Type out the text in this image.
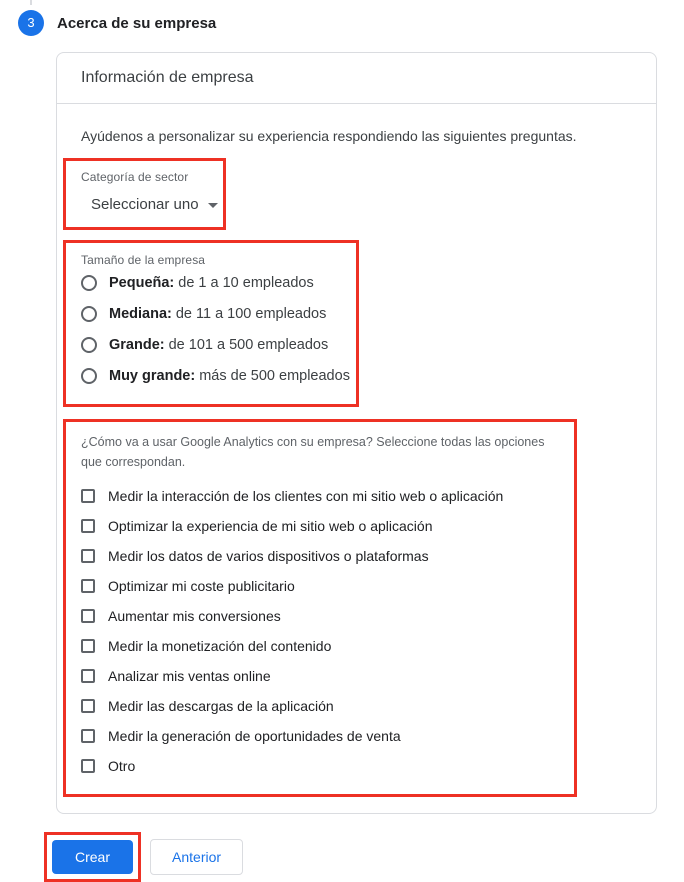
3	Acerca de su empresa
Información de empresa

Ayúdenos a personalizar su experiencia respondiendo las siguientes preguntas.

Categoría de sector
Seleccionar uno
Tamaño de la empresa
Pequeña: de 1 a 10 empleados
Mediana: de 11 a 100 empleados
Grande: de 101 a 500 empleados
Muy grande: más de 500 empleados

¿Cómo va a usar Google Analytics con su empresa? Seleccione todas las opciones que correspondan.

Medir la interacción de los clientes con mi sitio web o aplicación
Optimizar la experiencia de mi sitio web o aplicación
Medir los datos de varios dispositivos o plataformas
Optimizar mi coste publicitario
Aumentar mis conversiones
Medir la monetización del contenido
Analizar mis ventas online
Medir las descargas de la aplicación
Medir la generación de oportunidades de venta
Otro
Crear	Anterior
